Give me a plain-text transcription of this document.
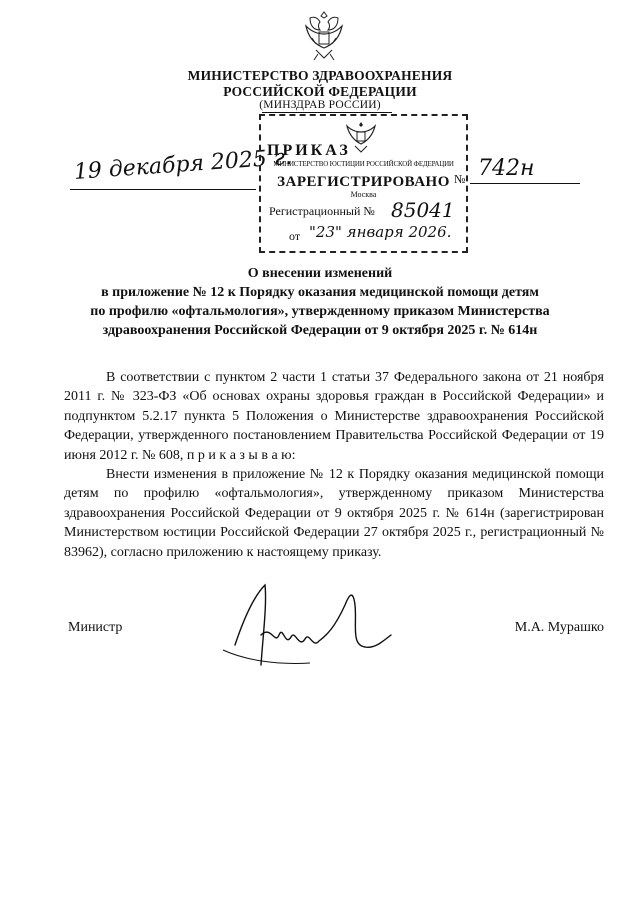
МИНИСТЕРСТВО ЗДРАВООХРАНЕНИЯ
РОССИЙСКОЙ ФЕДЕРАЦИИ
(МИНЗДРАВ РОССИИ)
19 декабря 2025 г.	№ 742н
ПРИКАЗ
МИНИСТЕРСТВО ЮСТИЦИИ РОССИЙСКОЙ ФЕДЕРАЦИИ
ЗАРЕГИСТРИРОВАНО
Москва
Регистрационный № 85041
от "23" января 2026.
О внесении изменений
в приложение № 12 к Порядку оказания медицинской помощи детям
по профилю «офтальмология», утвержденному приказом Министерства
здравоохранения Российской Федерации от 9 октября 2025 г. № 614н

В соответствии с пунктом 2 части 1 статьи 37 Федерального закона от 21 ноября 2011 г. № 323-ФЗ «Об основах охраны здоровья граждан в Российской Федерации» и подпунктом 5.2.17 пункта 5 Положения о Министерстве здравоохранения Российской Федерации, утвержденного постановлением Правительства Российской Федерации от 19 июня 2012 г. № 608, п р и к а з ы в а ю:

Внести изменения в приложение № 12 к Порядку оказания медицинской помощи детям по профилю «офтальмология», утвержденному приказом Министерства здравоохранения Российской Федерации от 9 октября 2025 г. № 614н (зарегистрирован Министерством юстиции Российской Федерации 27 октября 2025 г., регистрационный № 83962), согласно приложению к настоящему приказу.

Министр	М.А. Мурашко
